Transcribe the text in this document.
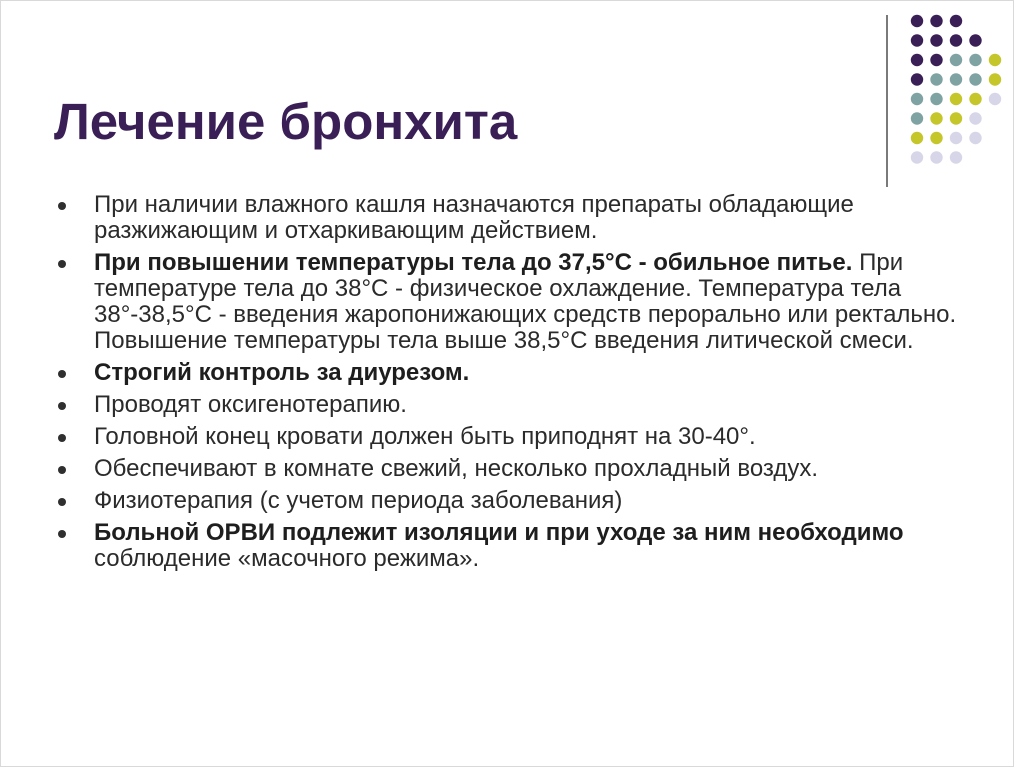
Лечение бронхита
При наличии влажного кашля назначаются препараты обладающие разжижающим и отхаркивающим действием.
При повышении температуры тела до 37,5°С - обильное питье. При температуре тела до 38°С - физическое охлаждение. Температура тела 38°-38,5°С - введения жаропонижающих средств перорально или ректально. Повышение температуры тела выше 38,5°С введения литической смеси.
Строгий контроль за диурезом.
Проводят оксигенотерапию.
Головной конец кровати должен быть приподнят на 30-40°.
Обеспечивают в комнате свежий, несколько прохладный воздух.
Физиотерапия (с учетом периода заболевания)
Больной ОРВИ подлежит изоляции и при уходе за ним необходимо соблюдение «масочного режима».
